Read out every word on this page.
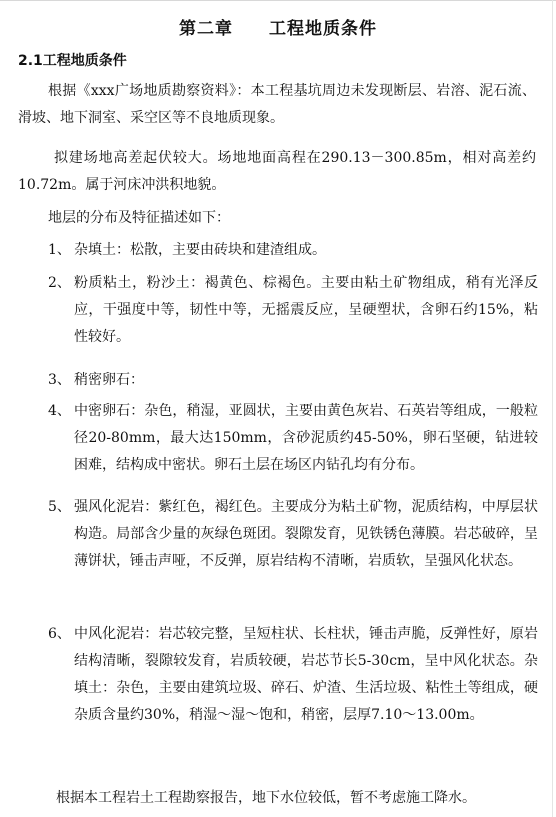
第二章　　工程地质条件
2.1工程地质条件

根据《xxx广场地质勘察资料》：本工程基坑周边未发现断层、岩溶、泥石流、滑坡、地下洞室、采空区等不良地质现象。

拟建场地高差起伏较大。场地地面高程在290.13－300.85m，相对高差约10.72m。属于河床冲洪积地貌。

地层的分布及特征描述如下：

1、 杂填土：松散，主要由砖块和建渣组成。
2、 粉质粘土，粉沙土：褐黄色、棕褐色。主要由粘土矿物组成，稍有光泽反应，干强度中等，韧性中等，无摇震反应，呈硬塑状，含卵石约15%，粘性较好。
3、 稍密卵石：
4、 中密卵石：杂色，稍湿，亚圆状，主要由黄色灰岩、石英岩等组成，一般粒径20-80mm，最大达150mm，含砂泥质约45-50%，卵石坚硬，钻进较困难，结构成中密状。卵石土层在场区内钻孔均有分布。
5、 强风化泥岩：紫红色，褐红色。主要成分为粘土矿物，泥质结构，中厚层状构造。局部含少量的灰绿色斑团。裂隙发育，见铁锈色薄膜。岩芯破碎，呈薄饼状，锤击声哑，不反弹，原岩结构不清晰，岩质软，呈强风化状态。
6、 中风化泥岩：岩芯较完整，呈短柱状、长柱状，锤击声脆，反弹性好，原岩结构清晰，裂隙较发育，岩质较硬，岩芯节长5-30cm，呈中风化状态。杂填土：杂色，主要由建筑垃圾、碎石、炉渣、生活垃圾、粘性土等组成，硬杂质含量约30%，稍湿～湿～饱和，稍密，层厚7.10～13.00m。

根据本工程岩土工程勘察报告，地下水位较低，暂不考虑施工降水。
